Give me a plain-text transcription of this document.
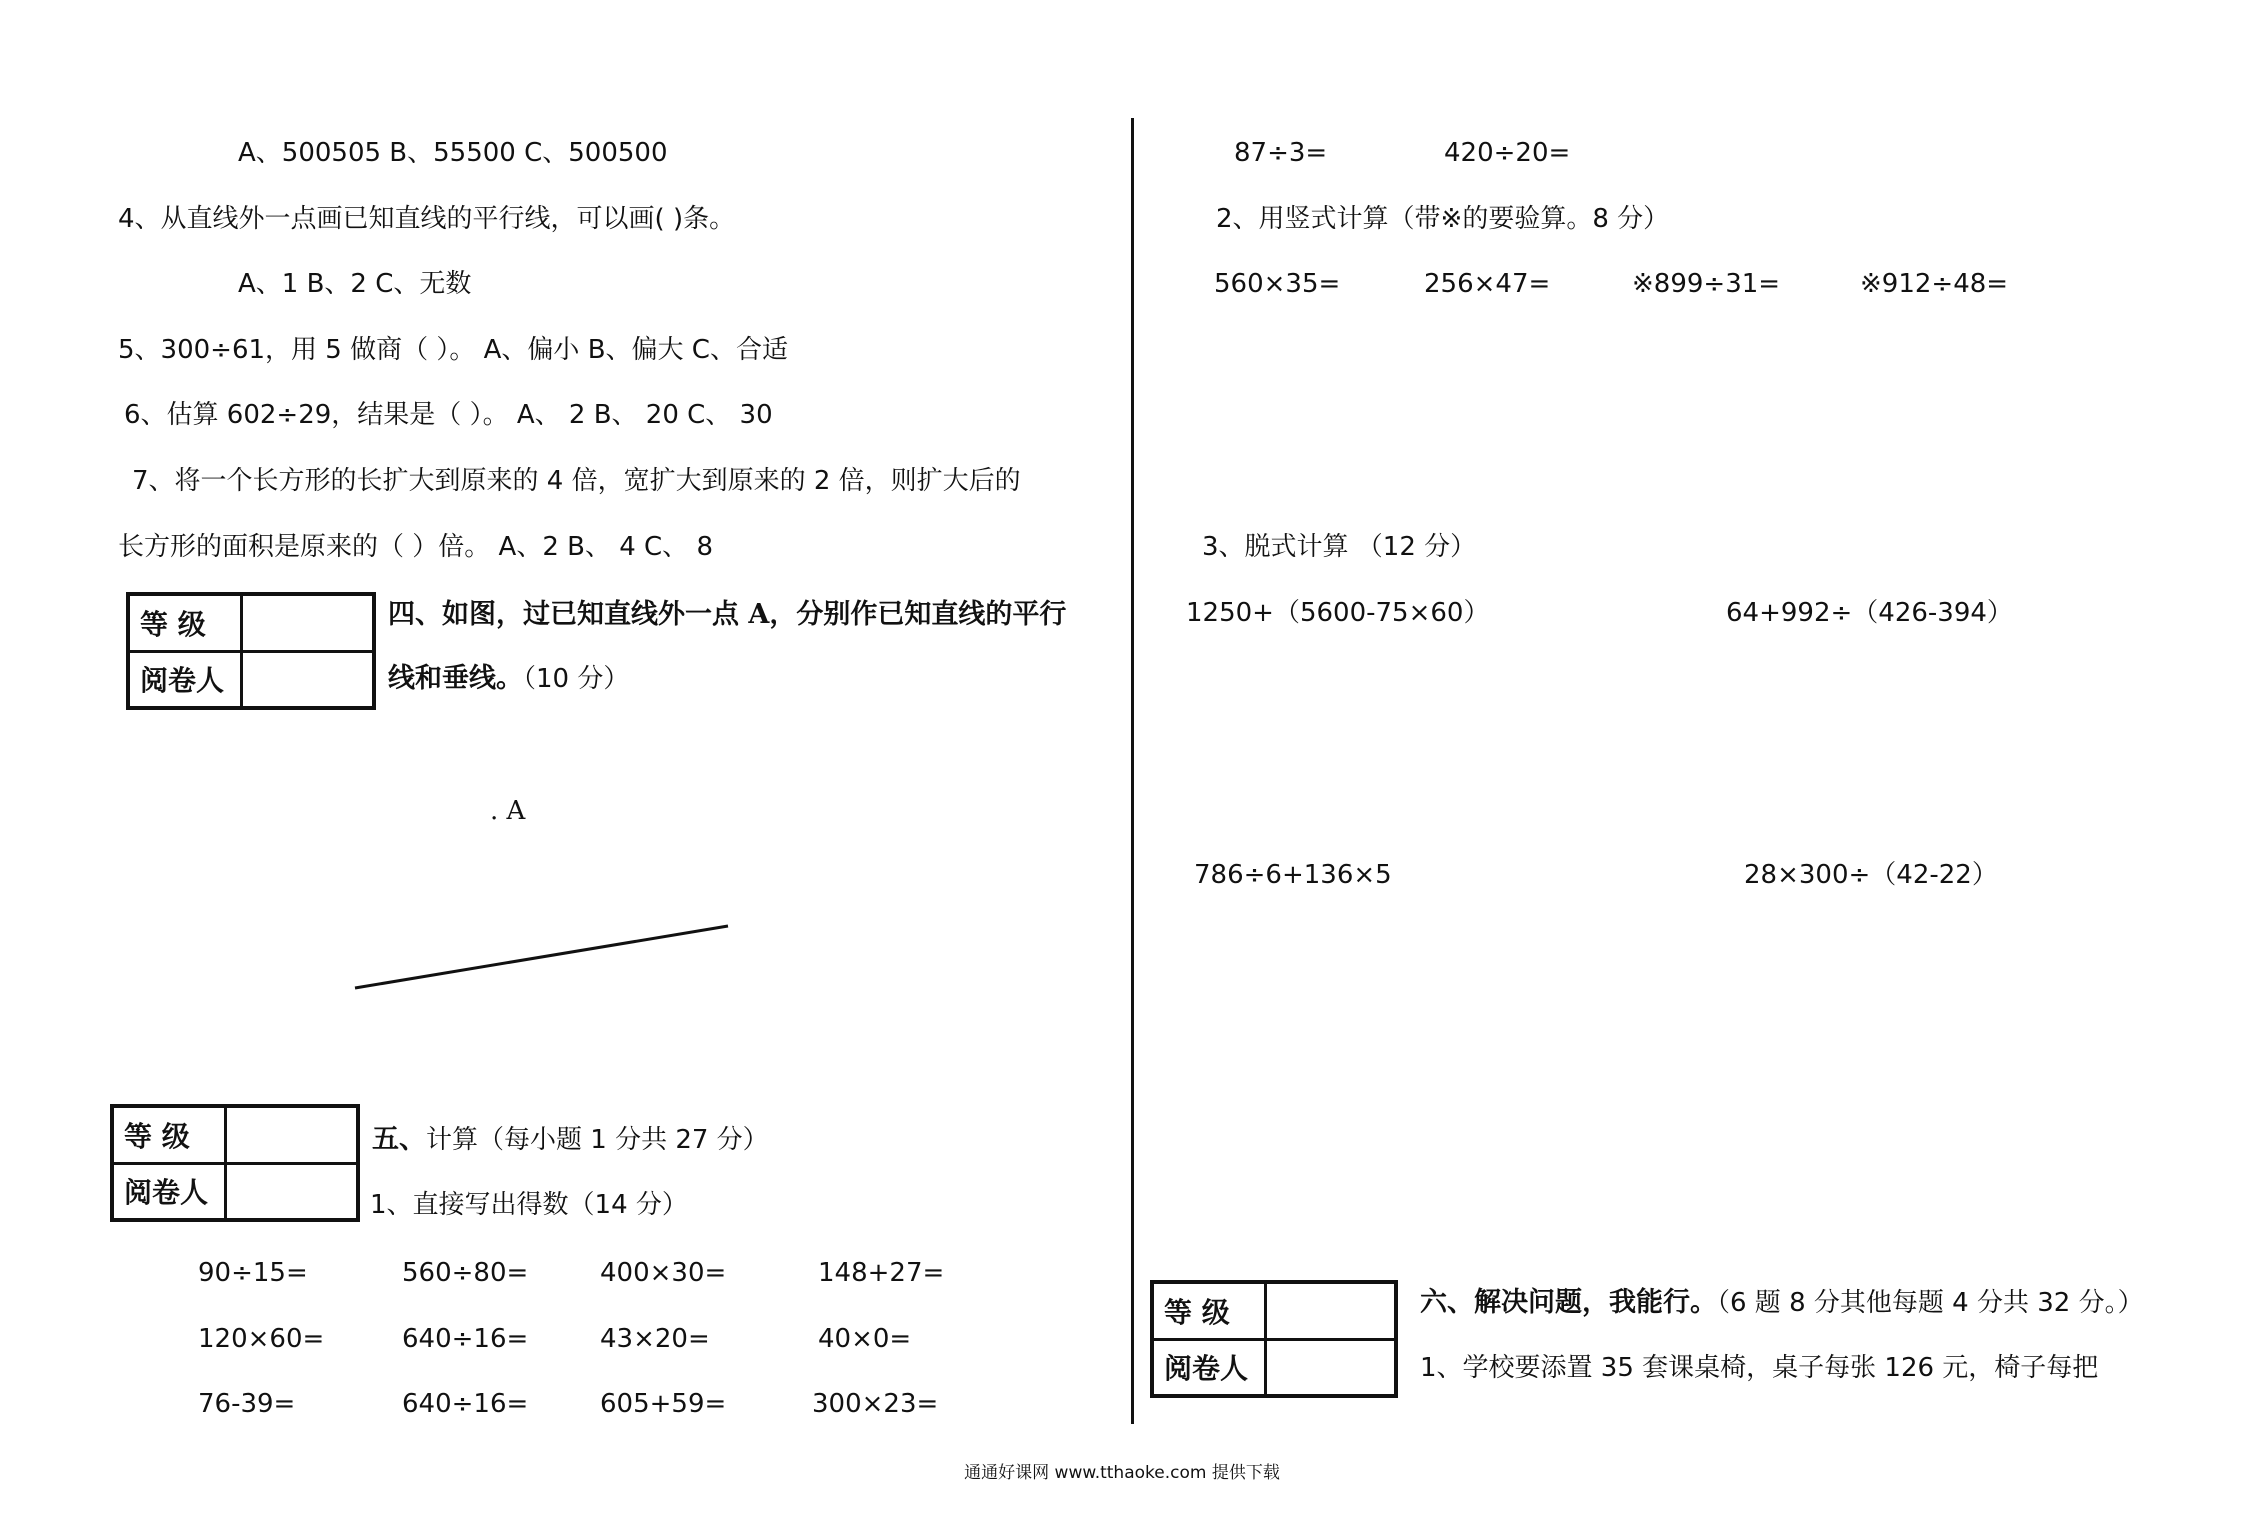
A、500505 B、55500 C、500500
4、从直线外一点画已知直线的平行线，可以画( )条。
A、1 B、2 C、无数
5、300÷61，用 5 做商（ ）。 A、偏小 B、偏大 C、合适
6、估算 602÷29，结果是（ ）。 A、 2 B、 20 C、 30
7、将一个长方形的长扩大到原来的 4 倍，宽扩大到原来的 2 倍，则扩大后的
长方形的面积是原来的（ ）倍。 A、2 B、 4 C、 8
等 级	
阅卷人	
四、如图，过已知直线外一点 A，分别作已知直线的平行
线和垂线。（10 分）
. A
等 级	
阅卷人	
五、计算（每小题 1 分共 27 分）
1、直接写出得数（14 分）
90÷15=	560÷80=	400×30=	148+27=
120×60=	640÷16=	43×20=	40×0=
76-39=	640÷16=	605+59=	300×23=
87÷3=	420÷20=
2、用竖式计算（带※的要验算。8 分）
560×35=	256×47=	※899÷31=	※912÷48=
3、脱式计算 （12 分）
1250+（5600-75×60）	64+992÷（426-394）
786÷6+136×5	28×300÷（42-22）
等 级	
阅卷人	
六、解决问题，我能行。（6 题 8 分其他每题 4 分共 32 分。）
1、学校要添置 35 套课桌椅，桌子每张 126 元，椅子每把
通通好课网 www.tthaoke.com 提供下载
